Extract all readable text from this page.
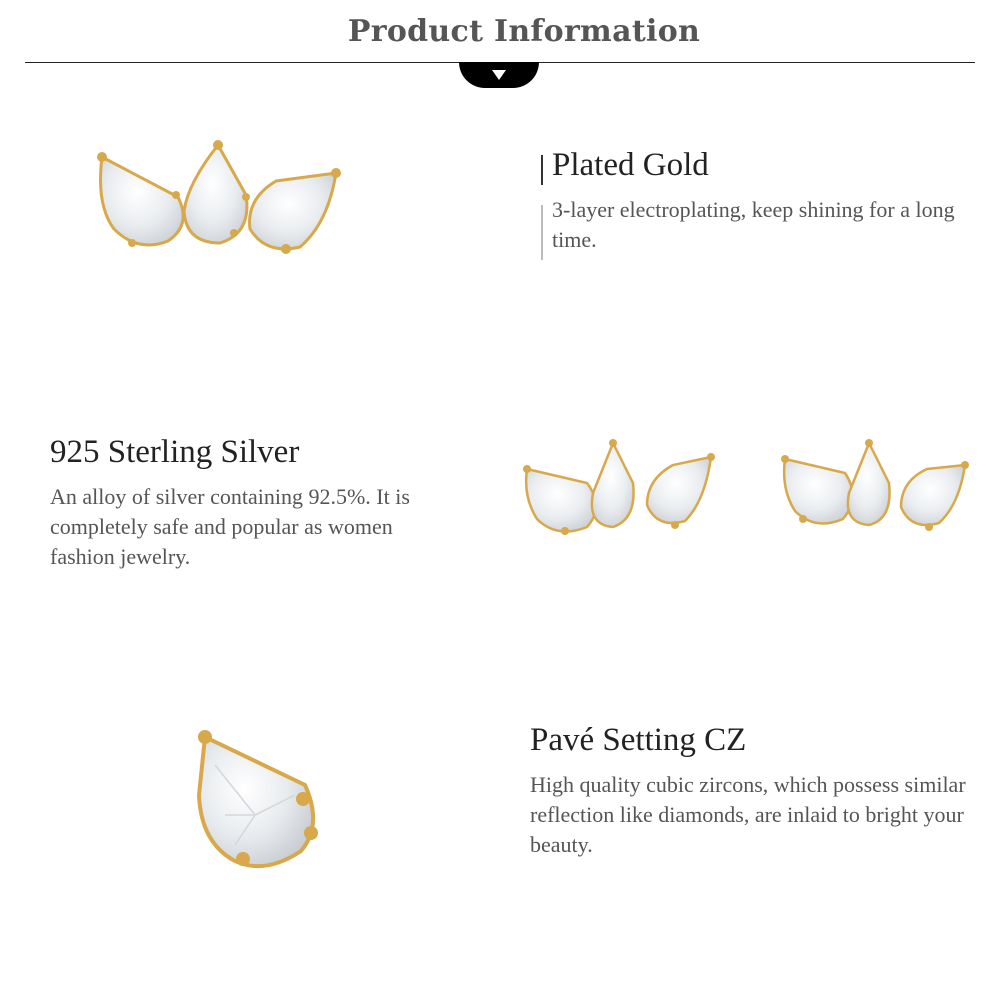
Product Information
Plated Gold
3-layer electroplating, keep shining for a long time.
925 Sterling Silver
An alloy of silver containing 92.5%. It is completely safe and popular as women fashion jewelry.
Pavé Setting CZ
High quality cubic zircons, which possess similar reflection like diamonds, are inlaid to bright your beauty.
